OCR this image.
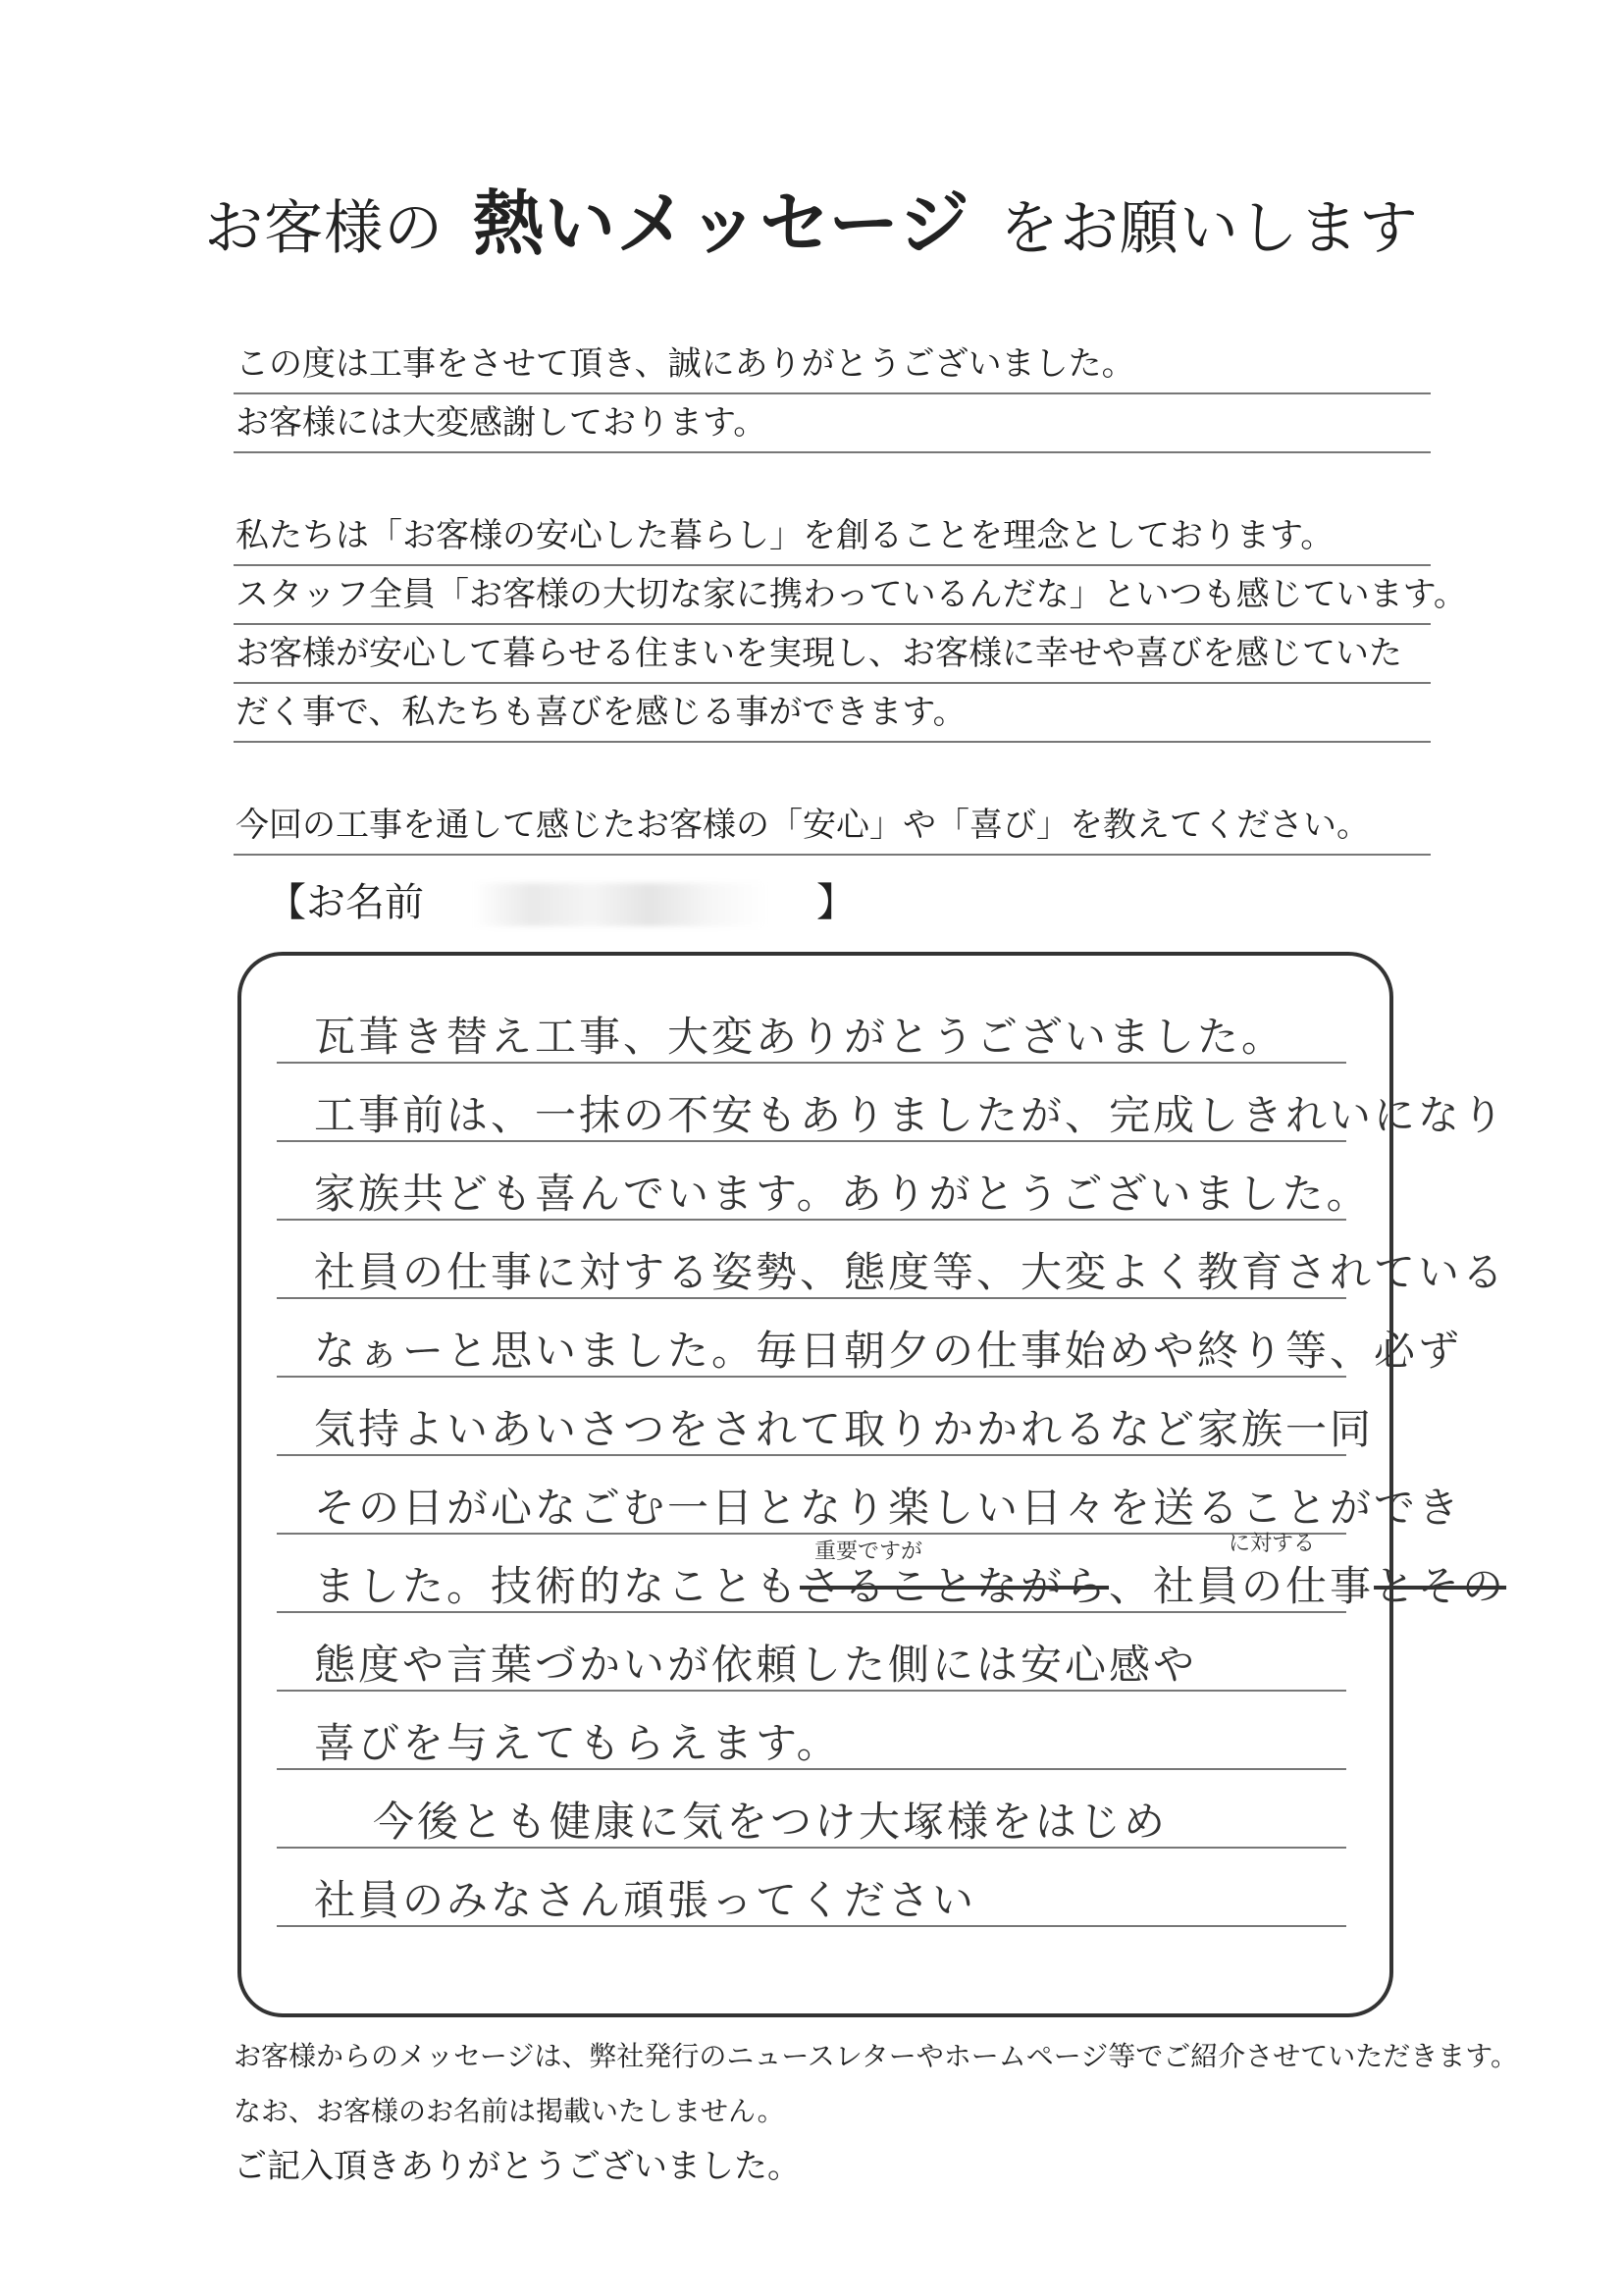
お客様の 熱いメッセージ をお願いします
この度は工事をさせて頂き、誠にありがとうございました。
お客様には大変感謝しております。
私たちは「お客様の安心した暮らし」を創ることを理念としております。
スタッフ全員「お客様の大切な家に携わっているんだな」といつも感じています。
お客様が安心して暮らせる住まいを実現し、お客様に幸せや喜びを感じていた
だく事で、私たちも喜びを感じる事ができます。
今回の工事を通して感じたお客様の「安心」や「喜び」を教えてください。
【お名前	】
瓦葺き替え工事、大変ありがとうございました。
工事前は、一抹の不安もありましたが、完成しきれいになり
家族共ども喜んでいます。ありがとうございました。
社員の仕事に対する姿勢、態度等、大変よく教育されている
なぁーと思いました。毎日朝夕の仕事始めや終り等、必ず
気持よいあいさつをされて取りかかれるなど家族一同
その日が心なごむ一日となり楽しい日々を送ることができ
ました。技術的なこともさることながら、社員の仕事とその
重要ですが	に対する
態度や言葉づかいが依頼した側には安心感や
喜びを与えてもらえます。
今後とも健康に気をつけ大塚様をはじめ
社員のみなさん頑張ってください
お客様からのメッセージは、弊社発行のニュースレターやホームページ等でご紹介させていただきます。
なお、お客様のお名前は掲載いたしません。
ご記入頂きありがとうございました。
